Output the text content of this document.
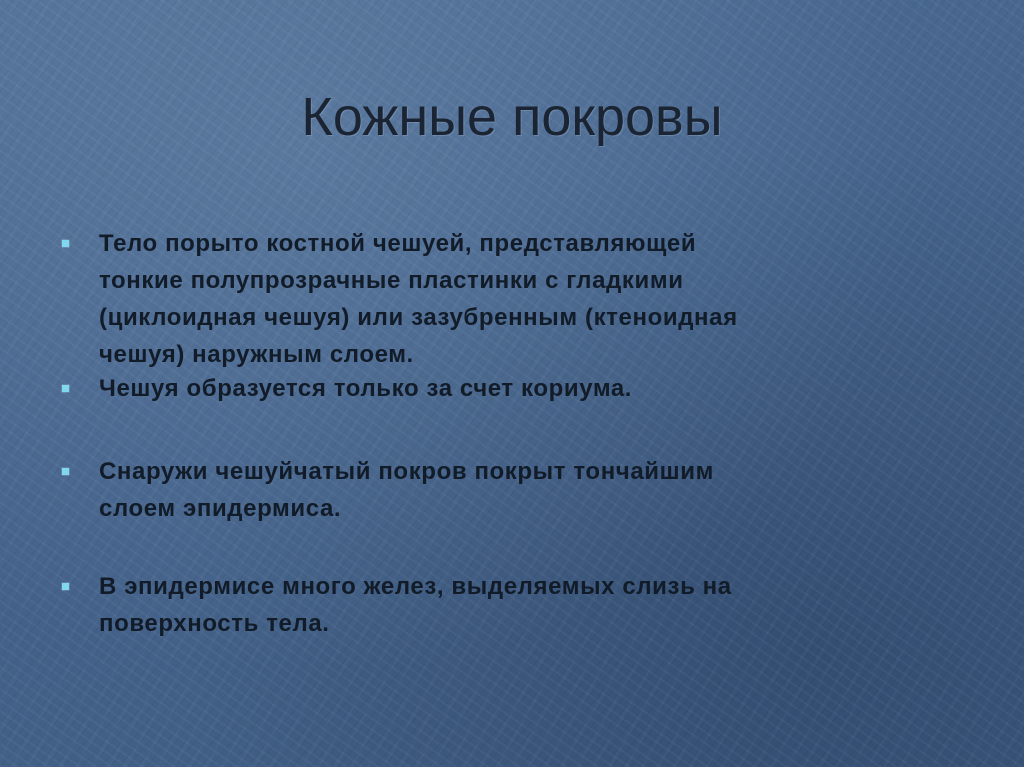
Кожные покровы
Тело порыто костной чешуей, представляющей
тонкие полупрозрачные пластинки с гладкими
(циклоидная чешуя) или зазубренным (ктеноидная
чешуя) наружным слоем.
Чешуя образуется только за счет кориума.
Снаружи чешуйчатый покров покрыт тончайшим
слоем эпидермиса.
В эпидермисе много желез, выделяемых слизь на
поверхность тела.
